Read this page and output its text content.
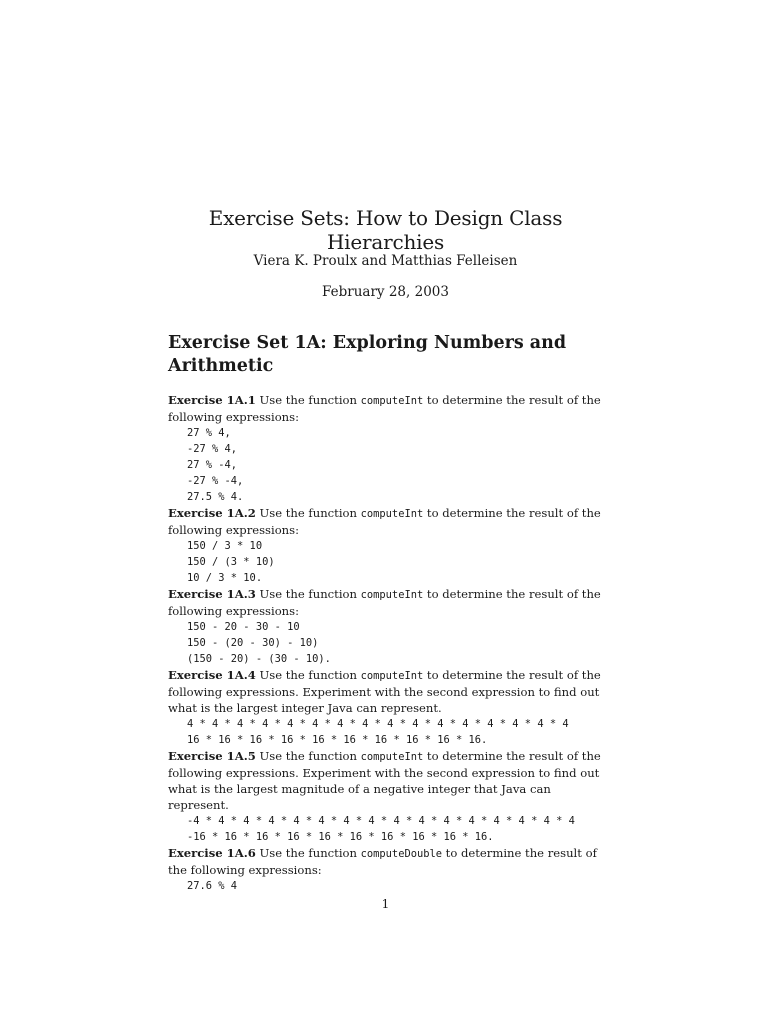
Exercise Sets: How to Design Class Hierarchies
Viera K. Proulx and Matthias Felleisen
February 28, 2003
Exercise Set 1A: Exploring Numbers and Arithmetic
Exercise 1A.1 Use the function computeInt to determine the result of the following expressions:
27 % 4,
-27 % 4,
27 % -4,
-27 % -4,
27.5 % 4.
Exercise 1A.2 Use the function computeInt to determine the result of the following expressions:
150 / 3 * 10
150 / (3 * 10)
10 / 3 * 10.
Exercise 1A.3 Use the function computeInt to determine the result of the following expressions:
150 - 20 - 30 - 10
150 - (20 - 30) - 10)
(150 - 20) - (30 - 10).
Exercise 1A.4 Use the function computeInt to determine the result of the following expressions. Experiment with the second expression to find out what is the largest integer Java can represent.
4 * 4 * 4 * 4 * 4 * 4 * 4 * 4 * 4 * 4 * 4 * 4 * 4 * 4 * 4 * 4
16 * 16 * 16 * 16 * 16 * 16 * 16 * 16 * 16 * 16.
Exercise 1A.5 Use the function computeInt to determine the result of the following expressions. Experiment with the second expression to find out what is the largest magnitude of a negative integer that Java can represent.
-4 * 4 * 4 * 4 * 4 * 4 * 4 * 4 * 4 * 4 * 4 * 4 * 4 * 4 * 4 * 4
-16 * 16 * 16 * 16 * 16 * 16 * 16 * 16 * 16 * 16.
Exercise 1A.6 Use the function computeDouble to determine the result of the following expressions:
27.6 % 4
1
